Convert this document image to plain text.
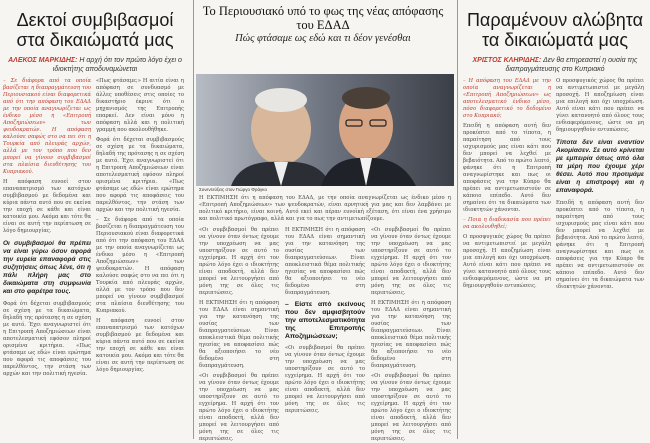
Δεκτοί συμβιβασμοί

στα δικαιώματά μας

ΑΛΕΚΟΣ ΜΑΡΚΙΔΗΣ: Η αρχή ότι τον πρώτο λόγο έχει ο ιδιοκτήτης αποδυναμώνεται

– Σε διάφορα από τα οποία βασίζεται η διαπραγμάτευση του Περιουσιακού είναι διαφορετικά από ότι την απόφαση του ΕΔΑΔ με την οποία αναγνωρίζεται ως ένδικο μέσο η «Επιτροπή Αποζημιώσεων» των ψευδοκρατών. Η απόφαση καλούσε σαφώς στο να πει ότι η Τουρκία από πλευράς αρχών, αλλά με τον τρόπο που δεν μπορεί να γίνουν συμβιβασμοί στα πλαίσια διευθέτησης του Κυπριακού.

Η απόφαση ευνοεί στον επαναπατρισμό των κατόχων συμβιβασμού με δεδομένα και κύρια πάντα αυτό που σε εκείνα την εποχή σε κάθε και είναι κατοικία μου. Ακόμα και τότε θα είναι σε αυτή την περίπτωση σε λόγο δημιουργίας.

Οι συμβιβασμοί θα πρέπει να είναι γύρω όσον αφορά την ευρεία επαναφορά στις συζητήσεις όπως λένε, ότι η πάλι πλήρη μας στο δικαιώματα στη συμφωνία και στο φαρέτρα τους.

Φορά ότι δέχεται συμβιβασμούς σε σχέση με τα δικαιώματα, δηλαδή της πρότασης η σε σχέση με αυτό. Έχει αναγνωριστεί ότι η Επιτροπή Αποζημιώσεων είναι αποτελεσματική εφόσον πληροί ορισμένα κριτήρια. «Πως φτάσαμε ως εδώ» είναι ερώτημα που αφορά τις αποφάσεις του παρελθόντος, την στάση των αρχών και την πολιτική ηγεσία.

«Πως φτάσαμε;» Η αιτία είναι η απόφαση σε συνδυασμό με άλλες υποθέσεις στις οποίες το δικαστήριο έκρινε ότι ο μηχανισμός της Επιτροπής επαρκεί. Δεν είναι μόνο η απόφαση αλλά και η πολιτική γραμμή που ακολουθήθηκε.

Φορά ότι δέχεται συμβιβασμούς σε σχέση με τα δικαιώματα, δηλαδή της πρότασης η σε σχέση με αυτό. Έχει αναγνωριστεί ότι η Επιτροπή Αποζημιώσεων είναι αποτελεσματική εφόσον πληροί ορισμένα κριτήρια. «Πως φτάσαμε ως εδώ» είναι ερώτημα που αφορά τις αποφάσεις του παρελθόντος, την στάση των αρχών και την πολιτική ηγεσία.

– Σε διάφορα από τα οποία βασίζεται η διαπραγμάτευση του Περιουσιακού είναι διαφορετικά από ότι την απόφαση του ΕΔΑΔ με την οποία αναγνωρίζεται ως ένδικο μέσο η «Επιτροπή Αποζημιώσεων» των ψευδοκρατών. Η απόφαση καλούσε σαφώς στο να πει ότι η Τουρκία από πλευράς αρχών, αλλά με τον τρόπο που δεν μπορεί να γίνουν συμβιβασμοί στα πλαίσια διευθέτησης του Κυπριακού.

Η απόφαση ευνοεί στον επαναπατρισμό των κατόχων συμβιβασμού με δεδομένα και κύρια πάντα αυτό που σε εκείνα την εποχή σε κάθε και είναι κατοικία μου. Ακόμα και τότε θα είναι σε αυτή την περίπτωση σε λόγο δημιουργίας.

Το Περιουσιακό υπό το φως της νέας απόφασης του ΕΔΑΔ

Πώς φτάσαμε ως εδώ και τι δέον γενέσθαι

Συνεντεύξεις στον Γιώργο Φράγκο

Η ΕΚΤΙΜΗΣΗ ότι η απόφαση του ΕΔΑΔ, με την οποία αναγνωρίζεται ως ένδικο μέσο η «Επιτροπή Αποζημιώσεων» των ψευδοκρατών, είναι αρνητική για μας και δεν λαμβάνει με πολιτικό κριτήριο, είναι κοινή. Αυτό εκεί και πέραν ευνοϊκή εξέταση, ότι είναι ένα χρήσιμο και πολιτικό πρωτόγραφο, αλλά και για το πως την αντιμετωπίζουμε.

«Οι συμβιβασμοί θα πρέπει να γίνουν όταν όντως έχουμε την υποχρέωση να μας υποστηρίξουν σε αυτό το εγχείρημα. Η αρχή ότι τον πρώτο λόγο έχει ο ιδιοκτήτης είναι αποδεκτή, αλλά δεν μπορεί να λειτουργήσει από μόνη της σε όλες τις περιπτώσεις.

Η ΕΚΤΙΜΗΣΗ ότι η απόφαση του ΕΔΑΔ είναι σημαντική για την κατανόηση της ουσίας των διαπραγματεύσεων. Είναι αποκλειστικά θέμα πολιτικής ηγεσίας να αποφασίσει πώς θα αξιοποιήσει το νέο δεδομένο στη διαπραγμάτευση.

«Οι συμβιβασμοί θα πρέπει να γίνουν όταν όντως έχουμε την υποχρέωση να μας υποστηρίξουν σε αυτό το εγχείρημα. Η αρχή ότι τον πρώτο λόγο έχει ο ιδιοκτήτης είναι αποδεκτή, αλλά δεν μπορεί να λειτουργήσει από μόνη της σε όλες τις περιπτώσεις.

Η ΕΚΤΙΜΗΣΗ ότι η απόφαση του ΕΔΑΔ είναι σημαντική για την κατανόηση της ουσίας των διαπραγματεύσεων. Είναι αποκλειστικά θέμα πολιτικής ηγεσίας να αποφασίσει πώς θα αξιοποιήσει το νέο δεδομένο στη διαπραγμάτευση.

– Είστε από εκείνους που δεν αμφισβητούν την αποτελεσματικότητα της Επιτροπής Αποζημιώσεων;

«Οι συμβιβασμοί θα πρέπει να γίνουν όταν όντως έχουμε την υποχρέωση να μας υποστηρίξουν σε αυτό το εγχείρημα. Η αρχή ότι τον πρώτο λόγο έχει ο ιδιοκτήτης είναι αποδεκτή, αλλά δεν μπορεί να λειτουργήσει από μόνη της σε όλες τις περιπτώσεις.

«Οι συμβιβασμοί θα πρέπει να γίνουν όταν όντως έχουμε την υποχρέωση να μας υποστηρίξουν σε αυτό το εγχείρημα. Η αρχή ότι τον πρώτο λόγο έχει ο ιδιοκτήτης είναι αποδεκτή, αλλά δεν μπορεί να λειτουργήσει από μόνη της σε όλες τις περιπτώσεις.

Η ΕΚΤΙΜΗΣΗ ότι η απόφαση του ΕΔΑΔ είναι σημαντική για την κατανόηση της ουσίας των διαπραγματεύσεων. Είναι αποκλειστικά θέμα πολιτικής ηγεσίας να αποφασίσει πώς θα αξιοποιήσει το νέο δεδομένο στη διαπραγμάτευση.

«Οι συμβιβασμοί θα πρέπει να γίνουν όταν όντως έχουμε την υποχρέωση να μας υποστηρίξουν σε αυτό το εγχείρημα. Η αρχή ότι τον πρώτο λόγο έχει ο ιδιοκτήτης είναι αποδεκτή, αλλά δεν μπορεί να λειτουργήσει από μόνη της σε όλες τις περιπτώσεις.

Παραμένουν αλώβητα

τα δικαιώματά μας

ΧΡΙΣΤΟΣ ΚΛΗΡΙΔΗΣ: Δεν θα επηρεαστεί η ουσία της διαπραγμάτευσης στο Κυπριακό

– Η απόφαση του ΕΔΑΔ με την οποία αναγνωρίζεται η «Επιτροπή Αποζημιώσεων» ως αποτελεσματικό ένδικο μέσο, πόσο διαφορετικό το δεδομένο στο Κυπριακό;

Επειδή η απόφαση αυτή δεν προκύπτει από το τίποτα, η παραίτηση από τους ισχυρισμούς μας είναι κάτι που δεν μπορεί να λεχθεί με βεβαιότητα. Από το πρώτο λεπτό, φάνηκε ότι η Επιτροπή αναγνωρίστηκε και πως οι αποφάσεις για την Κύπρο θα πρέπει να αντιμετωπιστούν σε κάποιο επίπεδο. Αυτό δεν σημαίνει ότι τα δικαιώματα των ιδιοκτητών χάνονται.

– Ποια η διαδικασία που πρέπει να ακολουθηθεί;

Ο προσφυγικός χώρος θα πρέπει να αντιμετωπιστεί με μεγάλη προσοχή. Η αποζημίωση είναι μια επιλογή και όχι υποχρέωση. Αυτό είναι κάτι που πρέπει να γίνει κατανοητό από όλους τους ενδιαφερόμενους, ώστε να μη δημιουργηθούν εντυπώσεις.

Ο προσφυγικός χώρος θα πρέπει να αντιμετωπιστεί με μεγάλη προσοχή. Η αποζημίωση είναι μια επιλογή και όχι υποχρέωση. Αυτό είναι κάτι που πρέπει να γίνει κατανοητό από όλους τους ενδιαφερόμενους, ώστε να μη δημιουργηθούν εντυπώσεις.

Τίποτα δεν είναι εναντίον Ακομίασεν. Σε αυτό κρίνεται με εμπειρία όπως από όλα τα μέρη που έχουμε χέρι θέσει. Αυτό που προτιμάμε είναι η επιστροφή και η επαναφορά.

Επειδή η απόφαση αυτή δεν προκύπτει από το τίποτα, η παραίτηση από τους ισχυρισμούς μας είναι κάτι που δεν μπορεί να λεχθεί με βεβαιότητα. Από το πρώτο λεπτό, φάνηκε ότι η Επιτροπή αναγνωρίστηκε και πως οι αποφάσεις για την Κύπρο θα πρέπει να αντιμετωπιστούν σε κάποιο επίπεδο. Αυτό δεν σημαίνει ότι τα δικαιώματα των ιδιοκτητών χάνονται.
